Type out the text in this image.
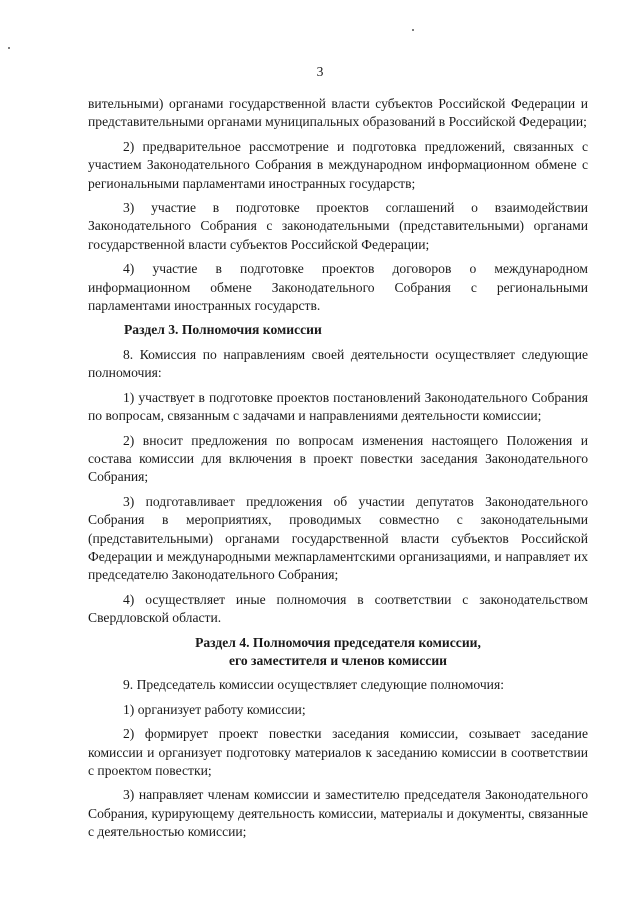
3

вительными) органами государственной власти субъектов Российской Федерации и представительными органами муниципальных образований в Российской Федерации;

2) предварительное рассмотрение и подготовка предложений, связанных с участием Законодательного Собрания в международном информационном обмене с региональными парламентами иностранных государств;

3) участие в подготовке проектов соглашений о взаимодействии Законодательного Собрания с законодательными (представительными) органами государственной власти субъектов Российской Федерации;

4) участие в подготовке проектов договоров о международном информационном обмене Законодательного Собрания с региональными парламентами иностранных государств.

Раздел 3. Полномочия комиссии

8. Комиссия по направлениям своей деятельности осуществляет следующие полномочия:

1) участвует в подготовке проектов постановлений Законодательного Собрания по вопросам, связанным с задачами и направлениями деятельности комиссии;

2) вносит предложения по вопросам изменения настоящего Положения и состава комиссии для включения в проект повестки заседания Законодательного Собрания;

3) подготавливает предложения об участии депутатов Законодательного Собрания в мероприятиях, проводимых совместно с законодательными (представительными) органами государственной власти субъектов Российской Федерации и международными межпарламентскими организациями, и направляет их председателю Законодательного Собрания;

4) осуществляет иные полномочия в соответствии с законодательством Свердловской области.

Раздел 4. Полномочия председателя комиссии,
его заместителя и членов комиссии

9. Председатель комиссии осуществляет следующие полномочия:

1) организует работу комиссии;

2) формирует проект повестки заседания комиссии, созывает заседание комиссии и организует подготовку материалов к заседанию комиссии в соответствии с проектом повестки;

3) направляет членам комиссии и заместителю председателя Законодательного Собрания, курирующему деятельность комиссии, материалы и документы, связанные с деятельностью комиссии;
